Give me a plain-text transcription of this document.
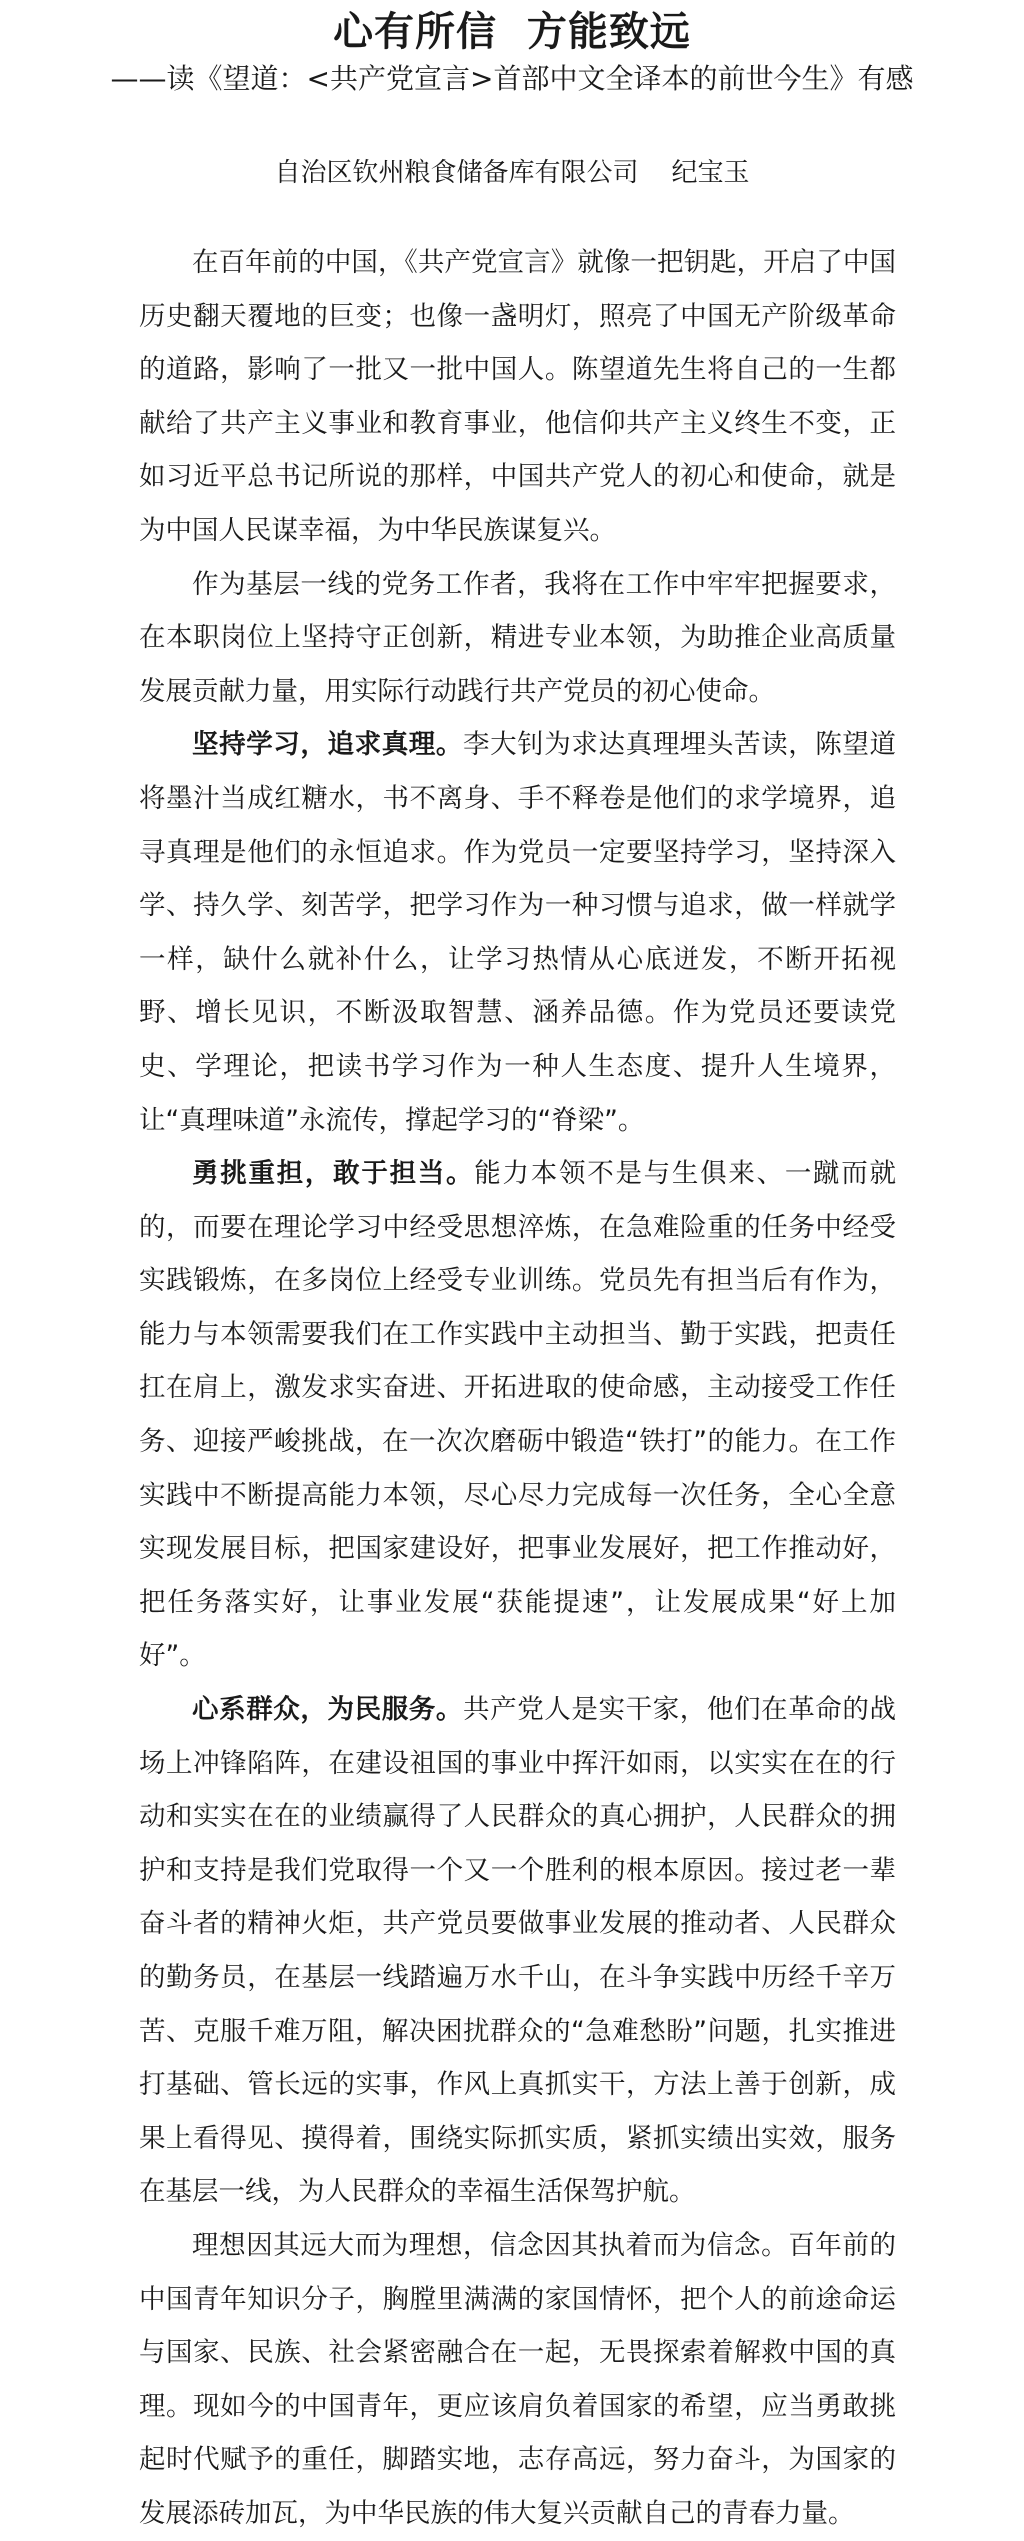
心有所信  方能致远
——读《望道：<共产党宣言>首部中文全译本的前世今生》有感
自治区钦州粮食储备库有限公司    纪宝玉

在百年前的中国，《共产党宣言》就像一把钥匙，开启了中国历史翻天覆地的巨变；也像一盏明灯，照亮了中国无产阶级革命的道路，影响了一批又一批中国人。陈望道先生将自己的一生都献给了共产主义事业和教育事业，他信仰共产主义终生不变，正如习近平总书记所说的那样，中国共产党人的初心和使命，就是为中国人民谋幸福，为中华民族谋复兴。

作为基层一线的党务工作者，我将在工作中牢牢把握要求，在本职岗位上坚持守正创新，精进专业本领，为助推企业高质量发展贡献力量，用实际行动践行共产党员的初心使命。

坚持学习，追求真理。李大钊为求达真理埋头苦读，陈望道将墨汁当成红糖水，书不离身、手不释卷是他们的求学境界，追寻真理是他们的永恒追求。作为党员一定要坚持学习，坚持深入学、持久学、刻苦学，把学习作为一种习惯与追求，做一样就学一样，缺什么就补什么，让学习热情从心底迸发，不断开拓视野、增长见识，不断汲取智慧、涵养品德。作为党员还要读党史、学理论，把读书学习作为一种人生态度、提升人生境界，让“真理味道”永流传，撑起学习的“脊梁”。

勇挑重担，敢于担当。能力本领不是与生俱来、一蹴而就的，而要在理论学习中经受思想淬炼，在急难险重的任务中经受实践锻炼，在多岗位上经受专业训练。党员先有担当后有作为，能力与本领需要我们在工作实践中主动担当、勤于实践，把责任扛在肩上，激发求实奋进、开拓进取的使命感，主动接受工作任务、迎接严峻挑战，在一次次磨砺中锻造“铁打”的能力。在工作实践中不断提高能力本领，尽心尽力完成每一次任务，全心全意实现发展目标，把国家建设好，把事业发展好，把工作推动好，把任务落实好，让事业发展“获能提速”，让发展成果“好上加好”。

心系群众，为民服务。共产党人是实干家，他们在革命的战场上冲锋陷阵，在建设祖国的事业中挥汗如雨，以实实在在的行动和实实在在的业绩赢得了人民群众的真心拥护，人民群众的拥护和支持是我们党取得一个又一个胜利的根本原因。接过老一辈奋斗者的精神火炬，共产党员要做事业发展的推动者、人民群众的勤务员，在基层一线踏遍万水千山，在斗争实践中历经千辛万苦、克服千难万阻，解决困扰群众的“急难愁盼”问题，扎实推进打基础、管长远的实事，作风上真抓实干，方法上善于创新，成果上看得见、摸得着，围绕实际抓实质，紧抓实绩出实效，服务在基层一线，为人民群众的幸福生活保驾护航。

理想因其远大而为理想，信念因其执着而为信念。百年前的中国青年知识分子，胸膛里满满的家国情怀，把个人的前途命运与国家、民族、社会紧密融合在一起，无畏探索着解救中国的真理。现如今的中国青年，更应该肩负着国家的希望，应当勇敢挑起时代赋予的重任，脚踏实地，志存高远，努力奋斗，为国家的发展添砖加瓦，为中华民族的伟大复兴贡献自己的青春力量。
